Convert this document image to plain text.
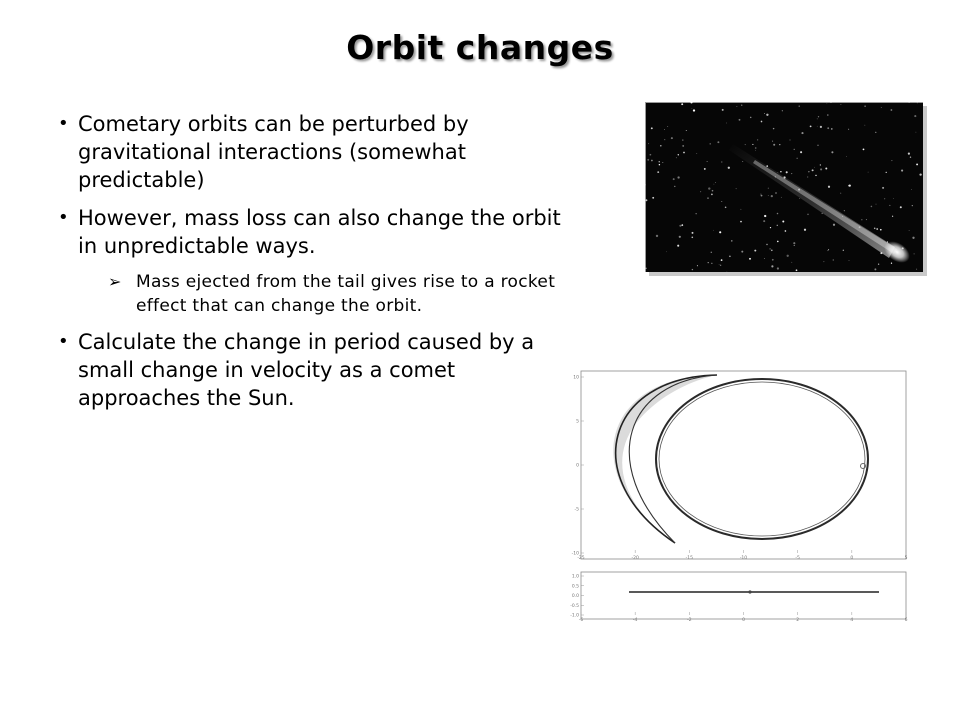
Orbit changes
• Cometary orbits can be perturbed by gravitational interactions (somewhat predictable)
• However, mass loss can also change the orbit in unpredictable ways.
➢ Mass ejected from the tail gives rise to a rocket effect that can change the orbit.
• Calculate the change in period caused by a small change in velocity as a comet approaches the Sun.
-25	-20	-15	-10	-5	0	5
10
5
0
-5
-10
-6	-4	-2	0	2	4	6
1.0
0.5
0.0
-0.5
-1.0
